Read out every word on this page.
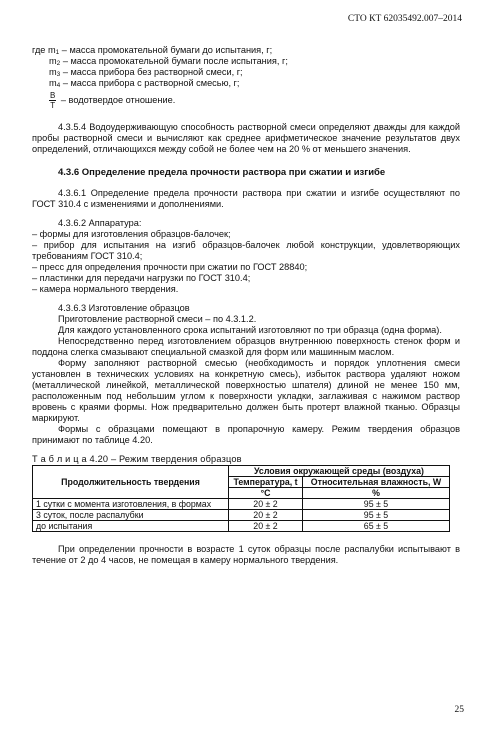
СТО КТ 62035492.007–2014
где $m_1$ – масса промокательной бумаги до испытания, г;
$m_2$ – масса промокательной бумаги после испытания, г;
$m_3$ – масса прибора без растворной смеси, г;
$m_4$ – масса прибора с растворной смесью, г;
$\frac{В}{Т}$ – водотвердое отношение.

4.3.5.4 Водоудерживающую способность растворной смеси определяют дважды для каждой пробы растворной смеси и вычисляют как среднее арифметическое значение результатов двух определений, отличающихся между собой не более чем на 20 % от меньшего значения.

4.3.6 Определение предела прочности раствора при сжатии и изгибе

4.3.6.1 Определение предела прочности раствора при сжатии и изгибе осуществляют по ГОСТ 310.4 с изменениями и дополнениями.

4.3.6.2 Аппаратура:

– формы для изготовления образцов-балочек;

– прибор для испытания на изгиб образцов-балочек любой конструкции, удовлетворяющих требованиям ГОСТ 310.4;

– пресс для определения прочности при сжатии по ГОСТ 28840;

– пластинки для передачи нагрузки по ГОСТ 310.4;

– камера нормального твердения.

4.3.6.3 Изготовление образцов

Приготовление растворной смеси – по 4.3.1.2.

Для каждого установленного срока испытаний изготовляют по три образца (одна форма).

Непосредственно перед изготовлением образцов внутреннюю поверхность стенок форм и поддона слегка смазывают специальной смазкой для форм или машинным маслом.

Форму заполняют растворной смесью (необходимость и порядок уплотнения смеси установлен в технических условиях на конкретную смесь), избыток раствора удаляют ножом (металлической линейкой, металлической поверхностью шпателя) длиной не менее 150 мм, расположенным под небольшим углом к поверхности укладки, заглаживая с нажимом раствор вровень с краями формы. Нож предварительно должен быть протерт влажной тканью. Образцы маркируют.

Формы с образцами помещают в пропарочную камеру. Режим твердения образцов принимают по таблице 4.20.

Т а б л и ц а 4.20 – Режим твердения образцов

Продолжительность твердения	Условия окружающей среды (воздуха)	
	Температура, t	Относительная влажность, W
	°С	%
1 сутки с момента изготовления, в формах	20 ± 2	95 ± 5
3 суток, после распалубки	20 ± 2	95 ± 5
до испытания	20 ± 2	65 ± 5

При определении прочности в возрасте 1 суток образцы после распалубки испытывают в течение от 2 до 4 часов, не помещая в камеру нормального твердения.

25
